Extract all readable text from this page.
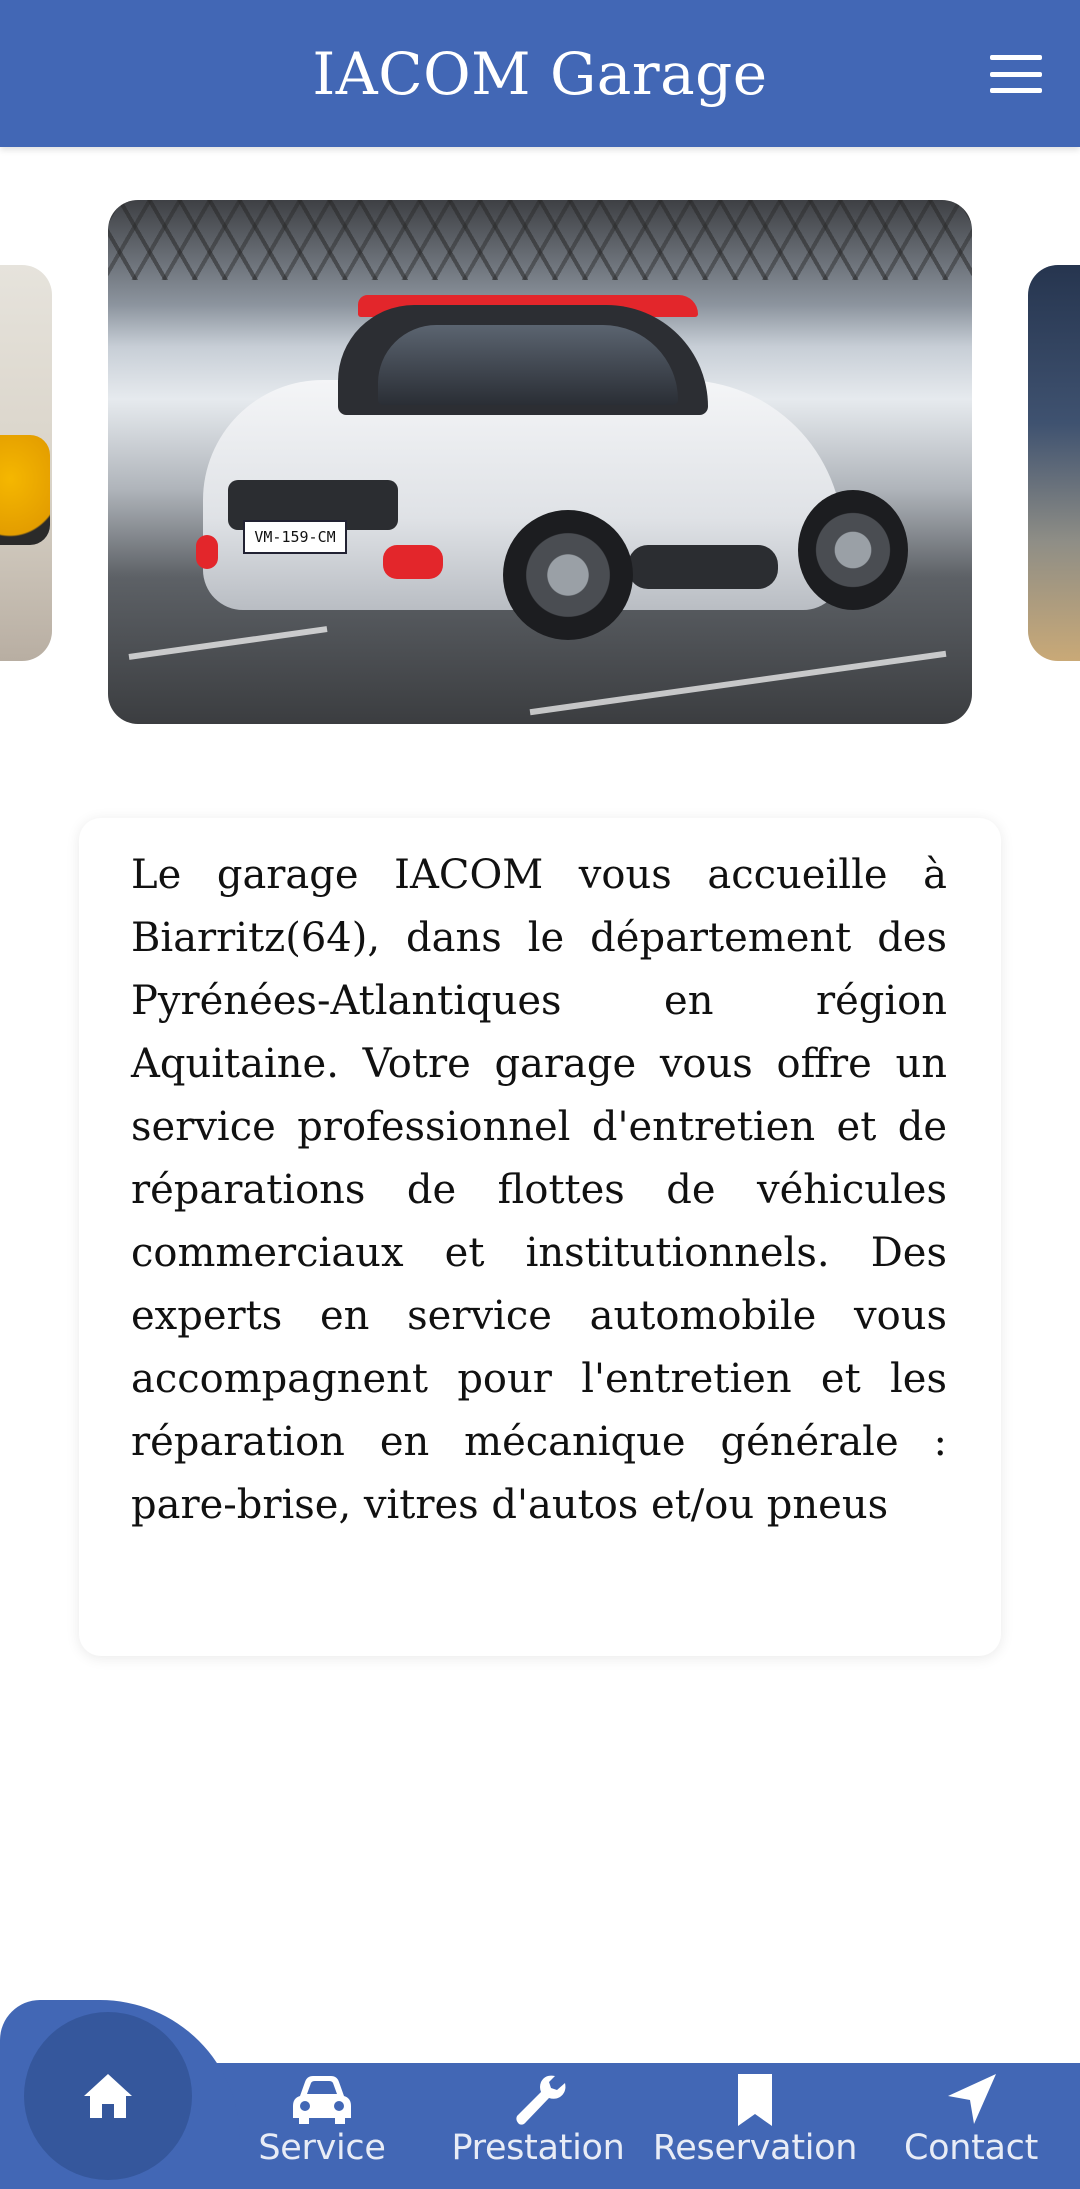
IACOM Garage
VM-159-CM

Le garage IACOM vous accueille à Biarritz(64), dans le département des Pyrénées-Atlantiques en région Aquitaine. Votre garage vous offre un service professionnel d'entretien et de réparations de flottes de véhicules commerciaux et institutionnels. Des experts en service automobile vous accompagnent pour l'entretien et les réparation en mécanique générale : pare-brise, vitres d'autos et/ou pneus

Service Prestation Reservation Contact
